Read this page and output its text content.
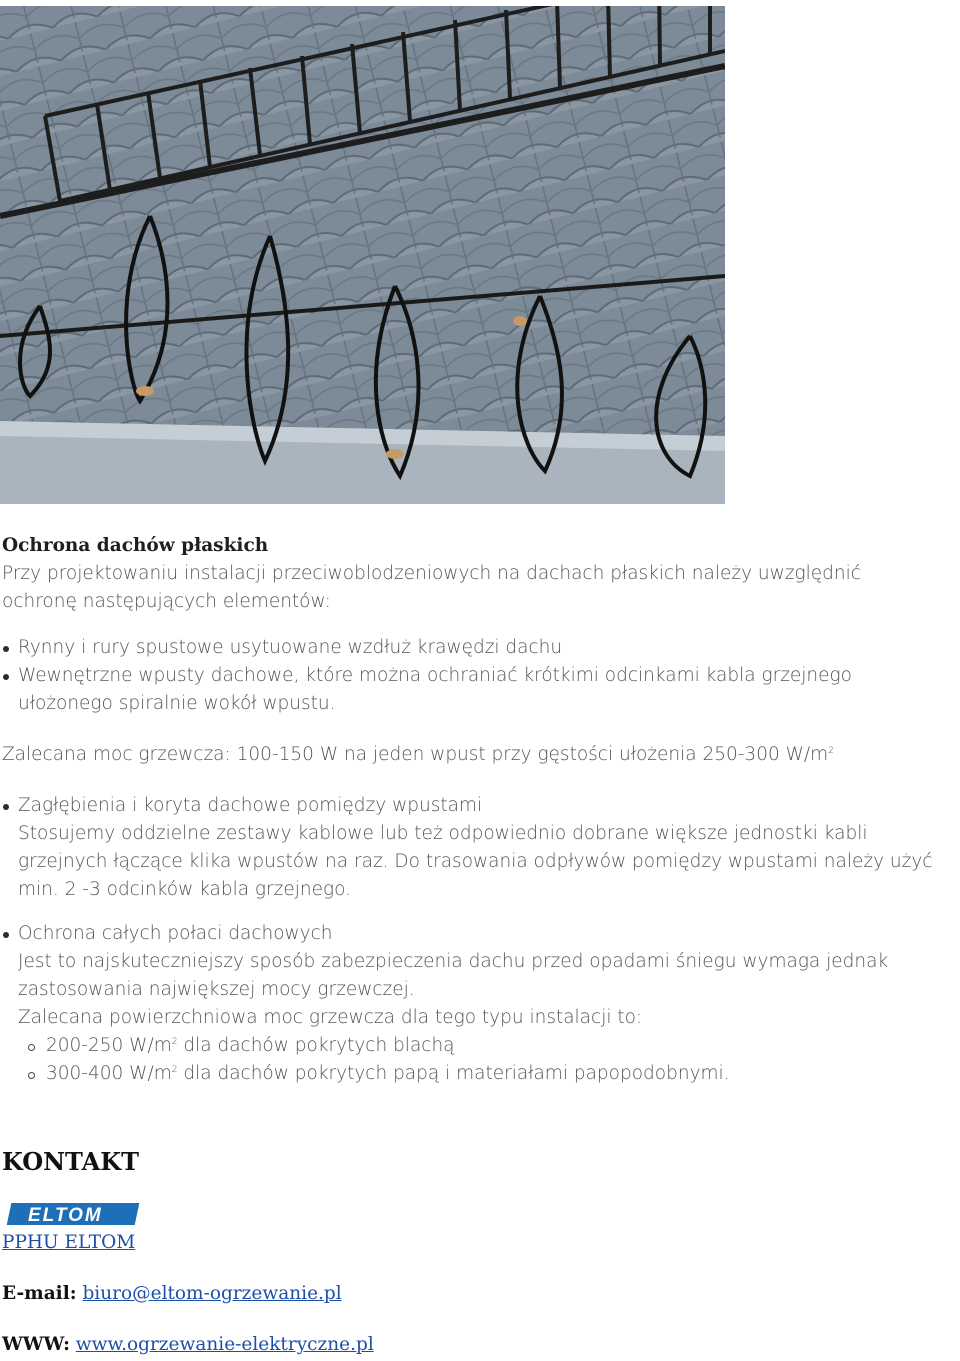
Ochrona dachów płaskich
Przy projektowaniu instalacji przeciwoblodzeniowych na dachach płaskich należy uwzględnić
ochronę następujących elementów:
Rynny i rury spustowe usytuowane wzdłuż krawędzi dachu
Wewnętrzne wpusty dachowe, które można ochraniać krótkimi odcinkami kabla grzejnego
ułożonego spiralnie wokół wpustu.
Zalecana moc grzewcza: 100-150 W na jeden wpust przy gęstości ułożenia 250-300 $W/m^2$
Zagłębienia i koryta dachowe pomiędzy wpustami
Stosujemy oddzielne zestawy kablowe lub też odpowiednio dobrane większe jednostki kabli
grzejnych łączące klika wpustów na raz. Do trasowania odpływów pomiędzy wpustami należy użyć
min. 2 -3 odcinków kabla grzejnego.
Ochrona całych połaci dachowych
Jest to najskuteczniejszy sposób zabezpieczenia dachu przed opadami śniegu wymaga jednak
zastosowania największej mocy grzewczej.
Zalecana powierzchniowa moc grzewcza dla tego typu instalacji to:
200-250 $W/m^2$ dla dachów pokrytych blachą
300-400 $W/m^2$ dla dachów pokrytych papą i materiałami papopodobnymi.
KONTAKT
ELTOM
PPHU ELTOM
E-mail: biuro@eltom-ogrzewanie.pl
WWW: www.ogrzewanie-elektryczne.pl
